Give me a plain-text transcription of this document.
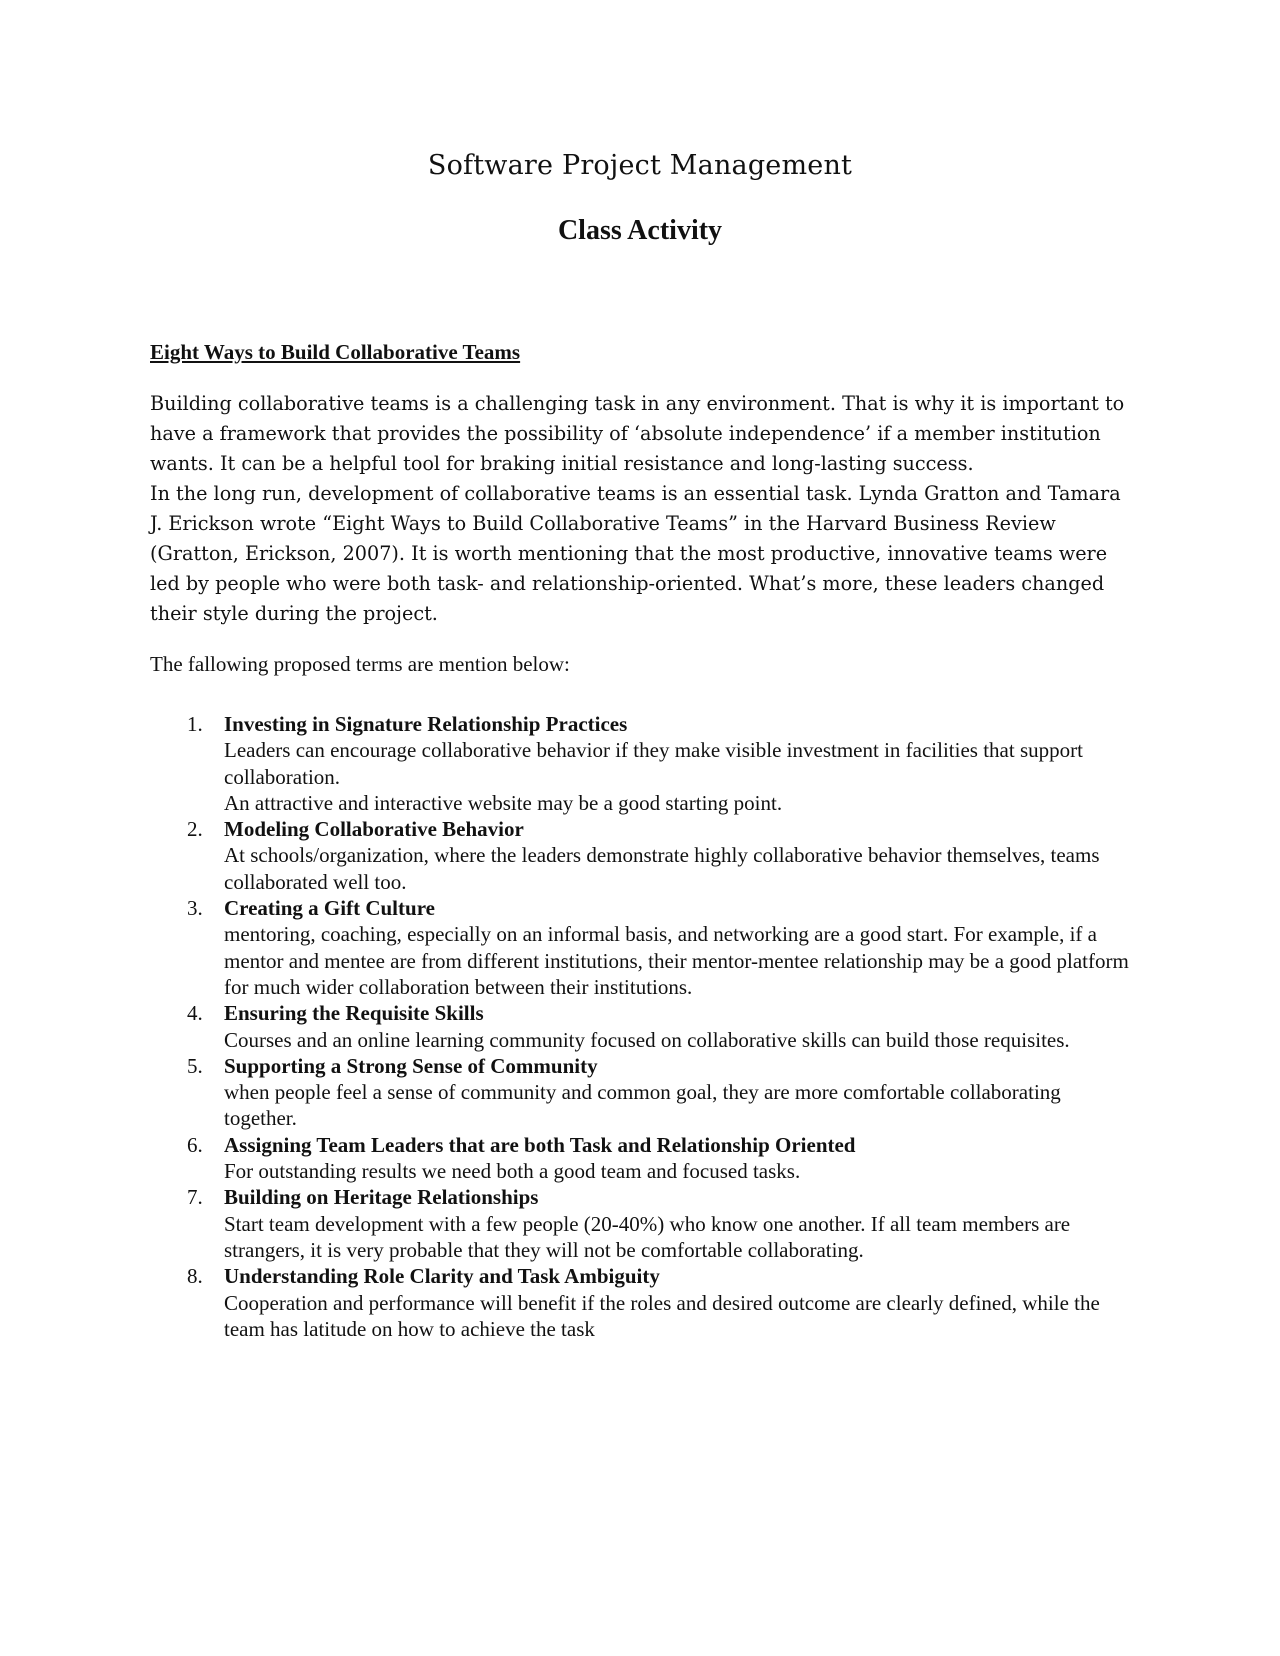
Software Project Management
Class Activity
Eight Ways to Build Collaborative Teams

Building collaborative teams is a challenging task in any environment. That is why it is important to have a framework that provides the possibility of ‘absolute independence’ if a member institution wants. It can be a helpful tool for braking initial resistance and long-lasting success.

In the long run, development of collaborative teams is an essential task. Lynda Gratton and Tamara J. Erickson wrote “Eight Ways to Build Collaborative Teams” in the Harvard Business Review (Gratton, Erickson, 2007). It is worth mentioning that the most productive, innovative teams were led by people who were both task- and relationship-oriented. What’s more, these leaders changed their style during the project.

The fallowing proposed terms are mention below:

1. Investing in Signature Relationship Practices
Leaders can encourage collaborative behavior if they make visible investment in facilities that support collaboration.
An attractive and interactive website may be a good starting point.
2. Modeling Collaborative Behavior
At schools/organization, where the leaders demonstrate highly collaborative behavior themselves, teams collaborated well too.
3. Creating a Gift Culture
mentoring, coaching, especially on an informal basis, and networking are a good start. For example, if a mentor and mentee are from different institutions, their mentor-mentee relationship may be a good platform for much wider collaboration between their institutions.
4. Ensuring the Requisite Skills
Courses and an online learning community focused on collaborative skills can build those requisites.
5. Supporting a Strong Sense of Community
when people feel a sense of community and common goal, they are more comfortable collaborating together.
6. Assigning Team Leaders that are both Task and Relationship Oriented
For outstanding results we need both a good team and focused tasks.
7. Building on Heritage Relationships
Start team development with a few people (20-40%) who know one another. If all team members are strangers, it is very probable that they will not be comfortable collaborating.
8. Understanding Role Clarity and Task Ambiguity
Cooperation and performance will benefit if the roles and desired outcome are clearly defined, while the team has latitude on how to achieve the task
